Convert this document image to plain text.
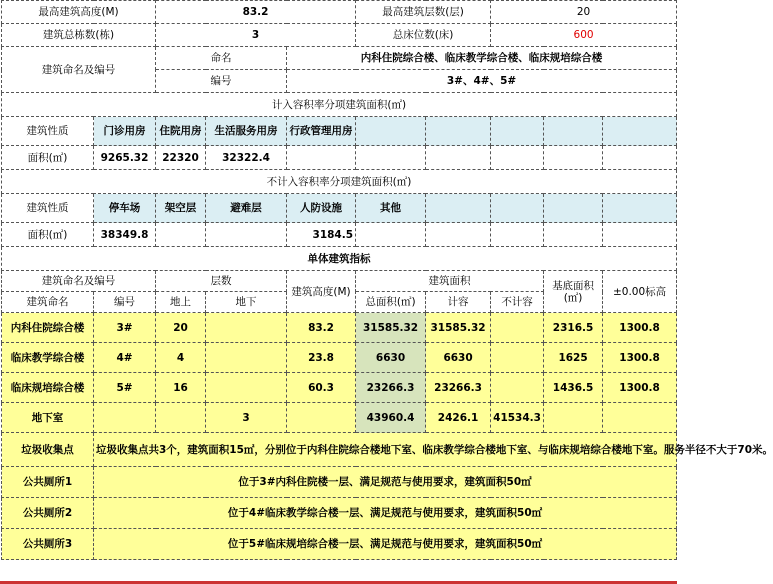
最高建筑高度(M)		83.2			最高建筑层数(层)		20		
建筑总栋数(栋)		3			总床位数(床)		600		
建筑命名及编号		命名		内科住院综合楼、临床教学综合楼、临床规培综合楼					
		编号		3#、4#、5#					
计入容积率分项建筑面积(㎡)									
建筑性质	门诊用房	住院用房	生活服务用房	行政管理用房					
面积(㎡)	9265.32	22320	32322.4						
不计入容积率分项建筑面积(㎡)									
建筑性质	停车场	架空层	避难层	人防设施	其他				
面积(㎡)	38349.8			3184.5					
单体建筑指标									
建筑命名及编号		层数		建筑高度(M)	建筑面积			基底面积
(㎡)	±0.00标高
建筑命名	编号	地上	地下		总面积(㎡)	计容	不计容		
内科住院综合楼	3#	20		83.2	31585.32	31585.32		2316.5	1300.8
临床教学综合楼	4#	4		23.8	6630	6630		1625	1300.8
临床规培综合楼	5#	16		60.3	23266.3	23266.3		1436.5	1300.8
地下室			3		43960.4	2426.1	41534.3		
垃圾收集点	垃圾收集点共3个，建筑面积15㎡，分别位于内科住院综合楼地下室、临床教学综合楼地下室、与临床规培综合楼地下室。服务半径不大于70米。								
公共厕所1	位于3#内科住院楼一层、满足规范与使用要求，建筑面积50㎡								
公共厕所2	位于4#临床教学综合楼一层、满足规范与使用要求，建筑面积50㎡								
公共厕所3	位于5#临床规培综合楼一层、满足规范与使用要求，建筑面积50㎡								
